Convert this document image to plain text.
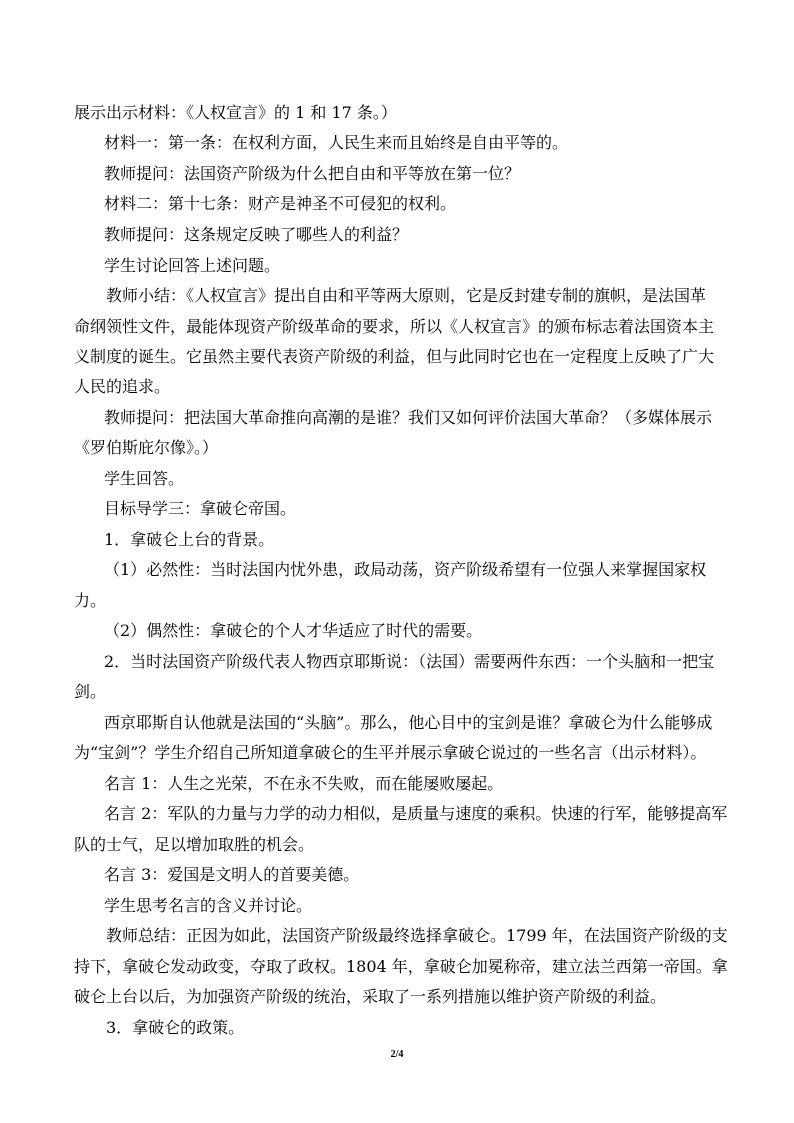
展示出示材料：《人权宣言》的 1 和 17 条。）
材料一：第一条：在权利方面，人民生来而且始终是自由平等的。
教师提问：法国资产阶级为什么把自由和平等放在第一位？
材料二：第十七条：财产是神圣不可侵犯的权利。
教师提问：这条规定反映了哪些人的利益？
学生讨论回答上述问题。
教师小结：《人权宣言》提出自由和平等两大原则，它是反封建专制的旗帜，是法国革
命纲领性文件，最能体现资产阶级革命的要求，所以《人权宣言》的颁布标志着法国资本主
义制度的诞生。它虽然主要代表资产阶级的利益，但与此同时它也在一定程度上反映了广大
人民的追求。
教师提问：把法国大革命推向高潮的是谁？我们又如何评价法国大革命？（多媒体展示
《罗伯斯庇尔像》。）
学生回答。
目标导学三：拿破仑帝国。
1．拿破仑上台的背景。
（1）必然性：当时法国内忧外患，政局动荡，资产阶级希望有一位强人来掌握国家权
力。
（2）偶然性：拿破仑的个人才华适应了时代的需要。
2．当时法国资产阶级代表人物西京耶斯说：（法国）需要两件东西：一个头脑和一把宝
剑。
西京耶斯自认他就是法国的“头脑”。那么，他心目中的宝剑是谁？拿破仑为什么能够成
为“宝剑”？学生介绍自己所知道拿破仑的生平并展示拿破仑说过的一些名言（出示材料）。
名言 1：人生之光荣，不在永不失败，而在能屡败屡起。
名言 2：军队的力量与力学的动力相似，是质量与速度的乘积。快速的行军，能够提高军
队的士气，足以增加取胜的机会。
名言 3：爱国是文明人的首要美德。
学生思考名言的含义并讨论。
教师总结：正因为如此，法国资产阶级最终选择拿破仑。1799 年，在法国资产阶级的支
持下，拿破仑发动政变，夺取了政权。1804 年，拿破仑加冕称帝，建立法兰西第一帝国。拿
破仑上台以后，为加强资产阶级的统治，采取了一系列措施以维护资产阶级的利益。
3．拿破仑的政策。
2/4
